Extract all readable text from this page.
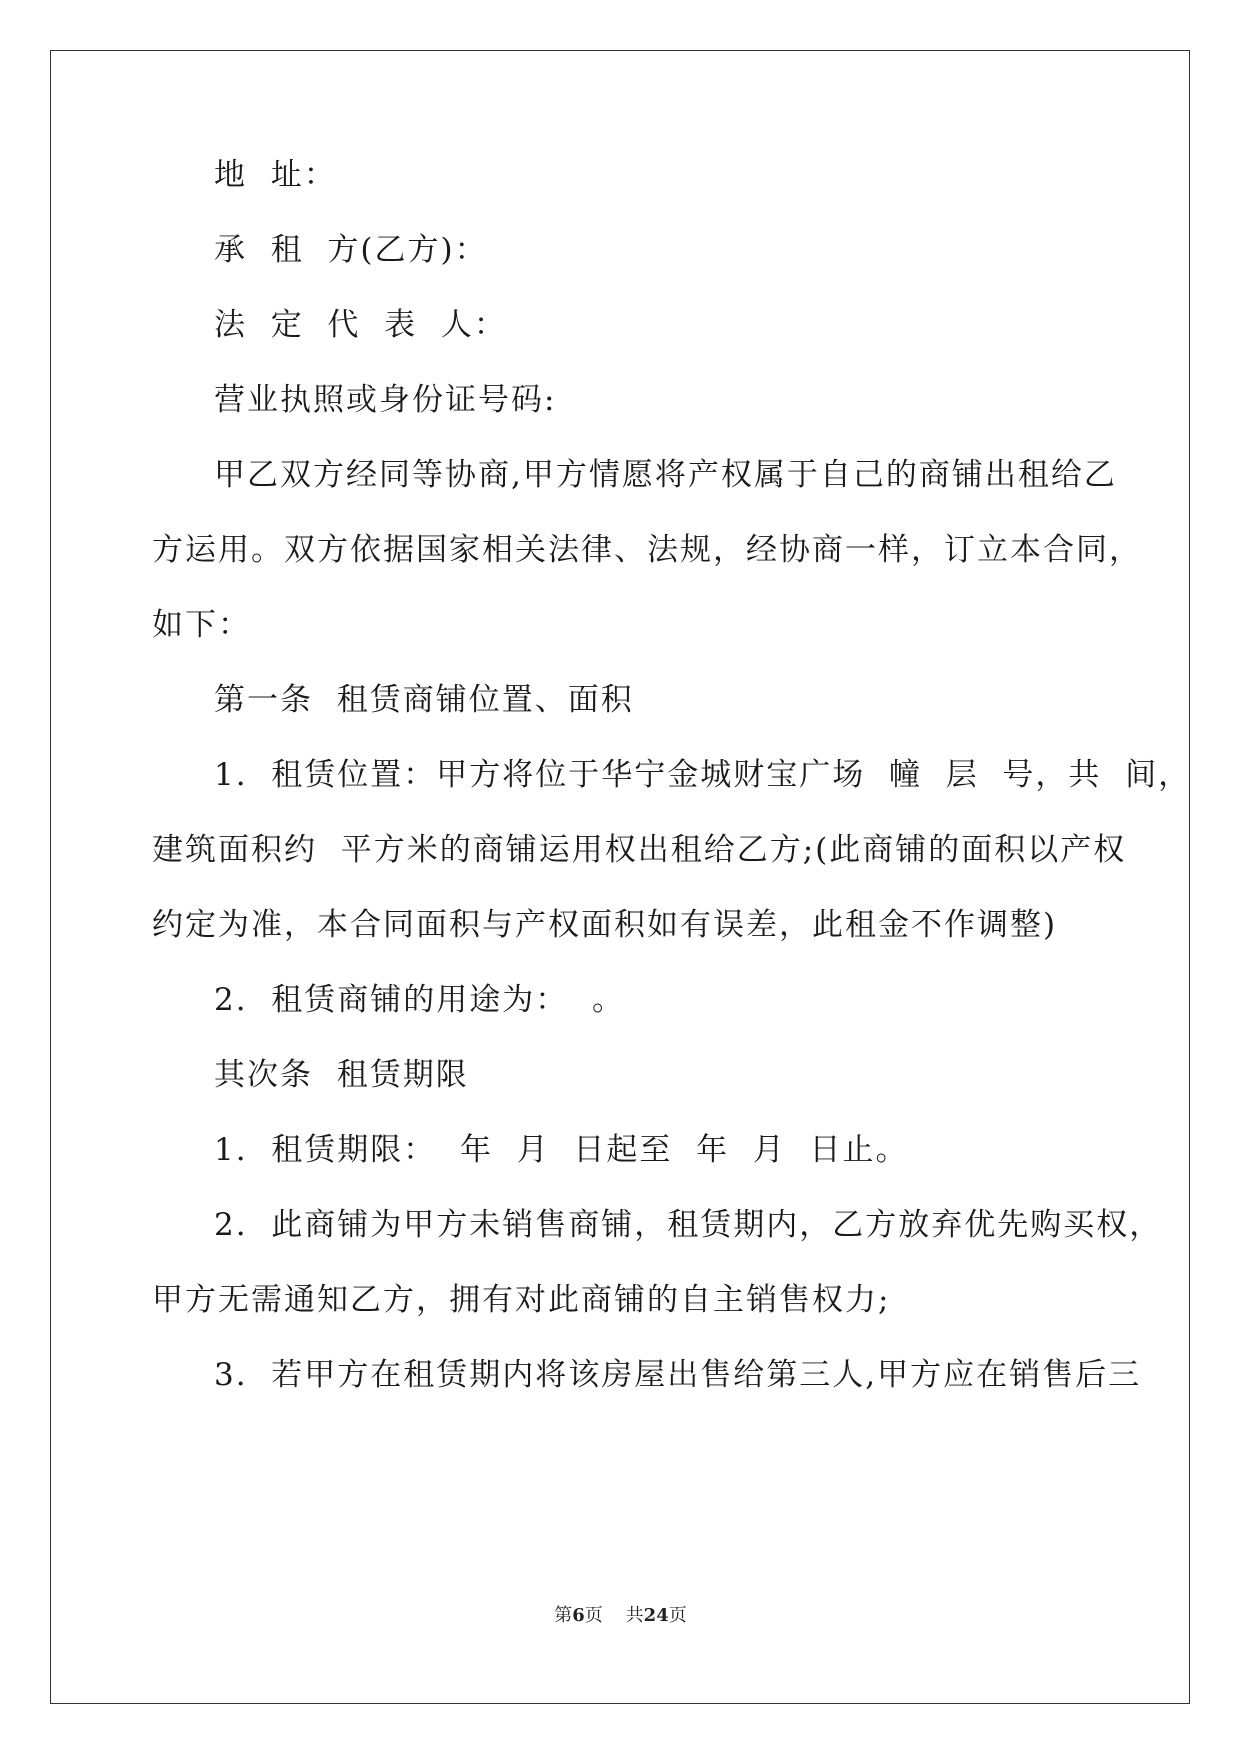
地  址：
承  租  方(乙方)：
法  定  代  表  人：
营业执照或身份证号码:
甲乙双方经同等协商,甲方情愿将产权属于自己的商铺出租给乙
方运用。双方依据国家相关法律、法规，经协商一样，订立本合同，
如下：
第一条  租赁商铺位置、面积
1.  租赁位置：甲方将位于华宁金城财宝广场  幢  层  号，共  间，
建筑面积约  平方米的商铺运用权出租给乙方;(此商铺的面积以产权
约定为准，本合同面积与产权面积如有误差，此租金不作调整)
2.  租赁商铺的用途为：  。
其次条  租赁期限
1.  租赁期限：  年  月  日起至  年  月  日止。
2.  此商铺为甲方未销售商铺，租赁期内，乙方放弃优先购买权，
甲方无需通知乙方，拥有对此商铺的自主销售权力;
3.  若甲方在租赁期内将该房屋出售给第三人,甲方应在销售后三
第6页    共24页
